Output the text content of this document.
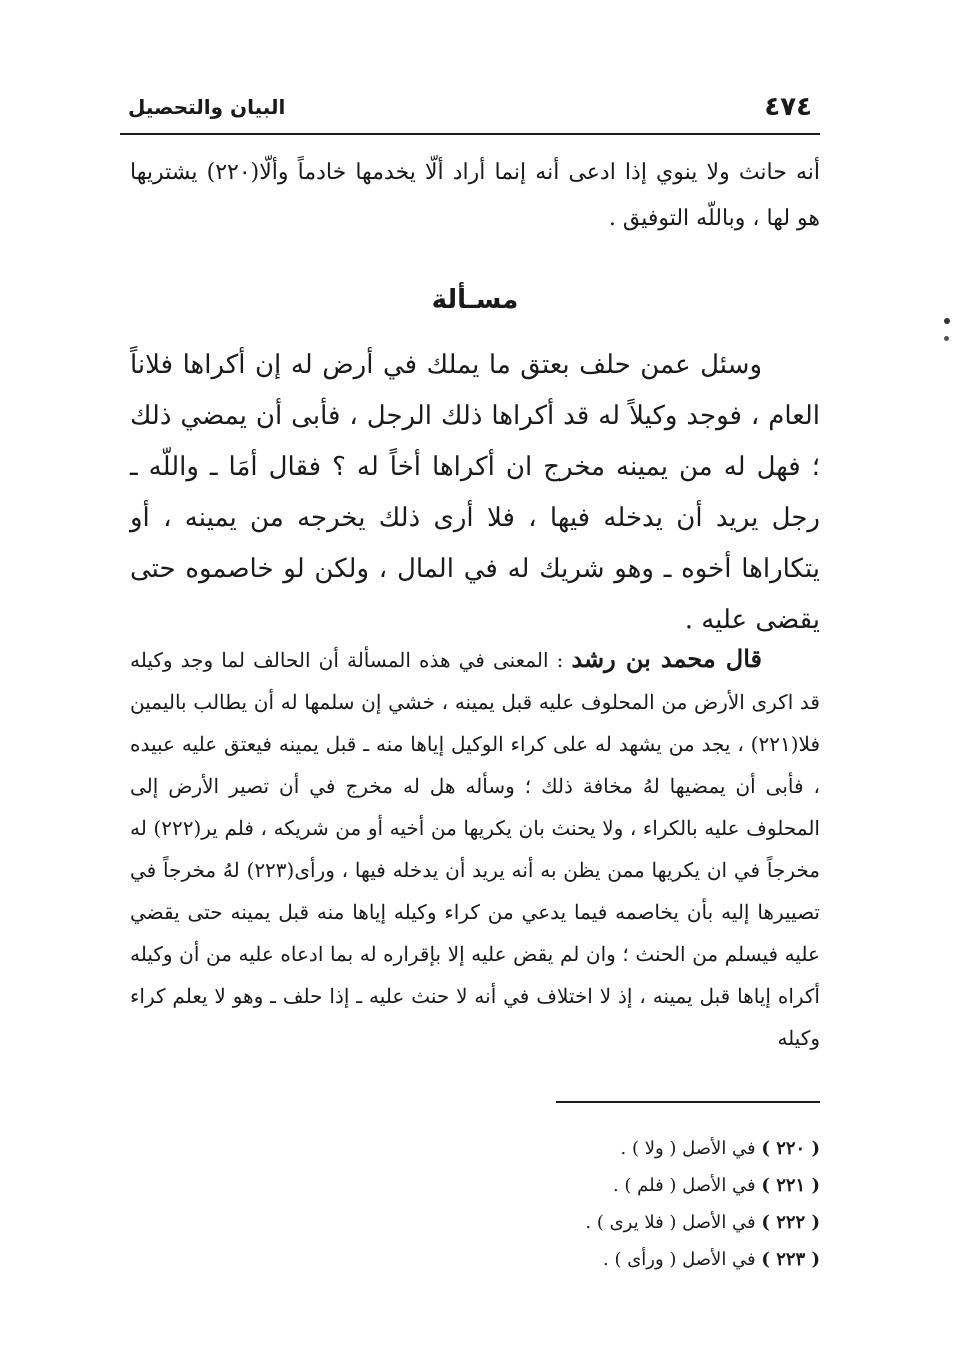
٤٧٤
البيان والتحصيل
أنه حانث ولا ينوي إذا ادعى أنه إنما أراد ألّا يخدمها خادماً وألّا(٢٢٠) يشتريها هو لها ، وباللّه التوفيق .
مسـألة
وسئل عمن حلف بعتق ما يملك في أرض له إن أكراها فلاناً العام ، فوجد وكيلاً له قد أكراها ذلك الرجل ، فأبى أن يمضي ذلك ؛ فهل له من يمينه مخرج ان أكراها أخاً له ؟ فقال أمَا ـ واللّه ـ رجل يريد أن يدخله فيها ، فلا أرى ذلك يخرجه من يمينه ، أو يتكاراها أخوه ـ وهو شريك له في المال ، ولكن لو خاصموه حتى يقضى عليه .
قال محمد بن رشد : المعنى في هذه المسألة أن الحالف لما وجد وكيله قد اكرى الأرض من المحلوف عليه قبل يمينه ، خشي إن سلمها له أن يطالب باليمين فلا(٢٢١) ، يجد من يشهد له على كراء الوكيل إياها منه ـ قبل يمينه فيعتق عليه عبيده ، فأبى أن يمضيها لهُ مخافة ذلك ؛ وسأله هل له مخرج في أن تصير الأرض إلى المحلوف عليه بالكراء ، ولا يحنث بان يكريها من أخيه أو من شريكه ، فلم ير(٢٢٢) له مخرجاً في ان يكريها ممن يظن به أنه يريد أن يدخله فيها ، ورأى(٢٢٣) لهُ مخرجاً في تصييرها إليه بأن يخاصمه فيما يدعي من كراء وكيله إياها منه قبل يمينه حتى يقضي عليه فيسلم من الحنث ؛ وان لم يقض عليه إلا بإقراره له بما ادعاه عليه من أن وكيله أكراه إياها قبل يمينه ، إذ لا اختلاف في أنه لا حنث عليه ـ إذا حلف ـ وهو لا يعلم كراء وكيله
( ٢٢٠ ) في الأصل ( ولا ) .
( ٢٢١ ) في الأصل ( فلم ) .
( ٢٢٢ ) في الأصل ( فلا يرى ) .
( ٢٢٣ ) في الأصل ( ورأى ) .
